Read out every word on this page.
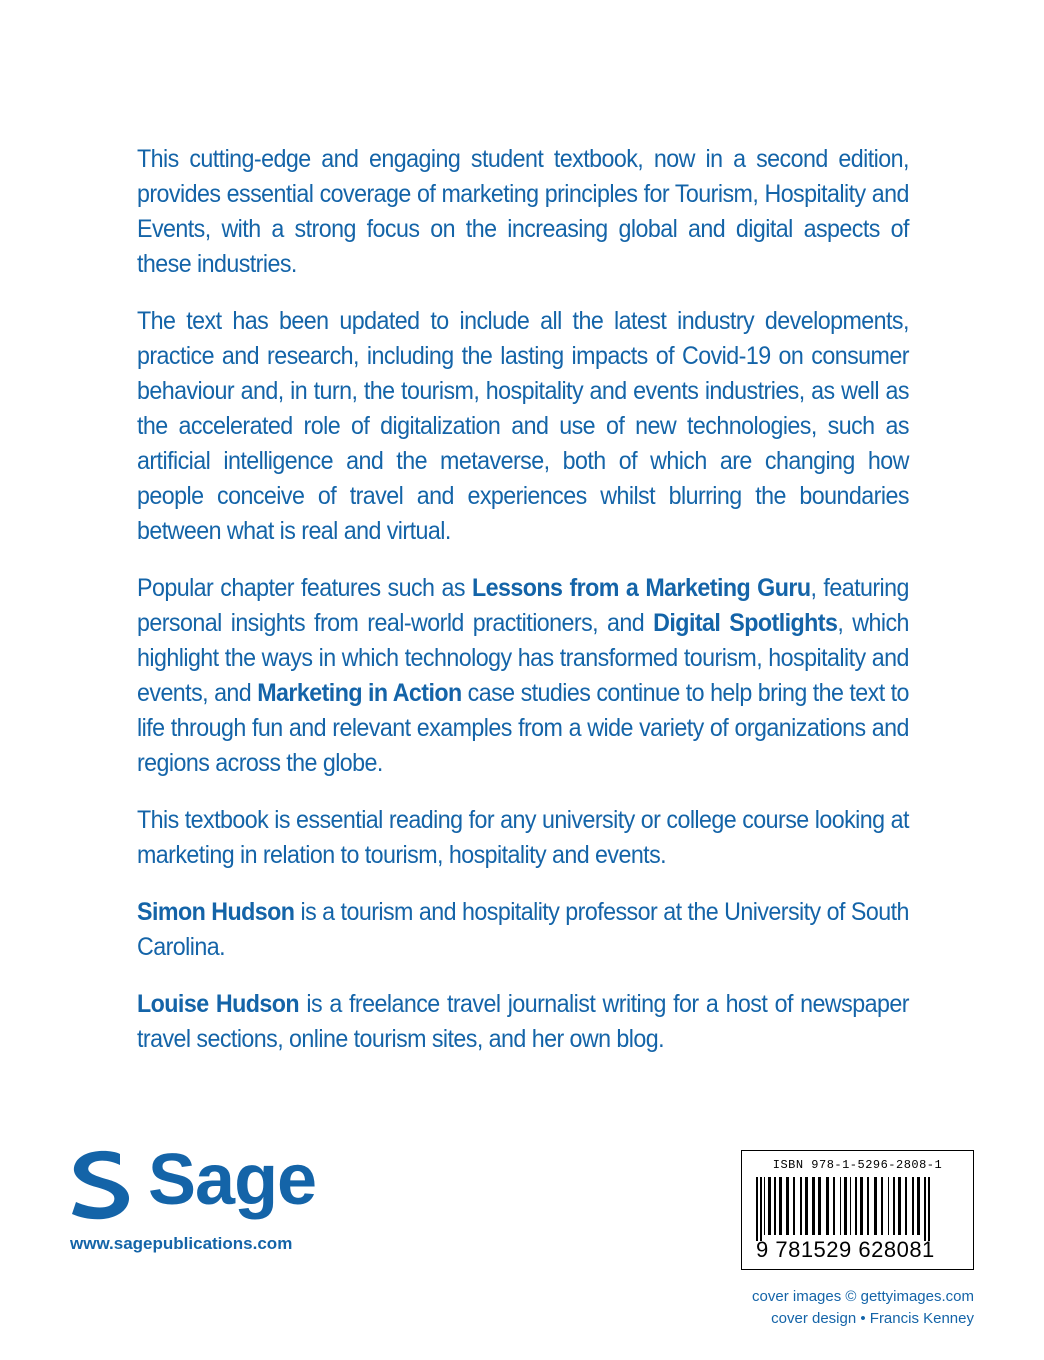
This cutting-edge and engaging student textbook, now in a second edition, provides essential coverage of marketing principles for Tourism, Hospitality and Events, with a strong focus on the increasing global and digital aspects of these industries.

The text has been updated to include all the latest industry developments, practice and research, including the lasting impacts of Covid-19 on consumer behaviour and, in turn, the tourism, hospitality and events industries, as well as the accelerated role of digitalization and use of new technologies, such as artificial intelligence and the metaverse, both of which are changing how people conceive of travel and experiences whilst blurring the boundaries between what is real and virtual.

Popular chapter features such as Lessons from a Marketing Guru, featuring personal insights from real-world practitioners, and Digital Spotlights, which highlight the ways in which technology has transformed tourism, hospitality and events, and Marketing in Action case studies continue to help bring the text to life through fun and relevant examples from a wide variety of organizations and regions across the globe.

This textbook is essential reading for any university or college course looking at marketing in relation to tourism, hospitality and events.

Simon Hudson is a tourism and hospitality professor at the University of South Carolina.

Louise Hudson is a freelance travel journalist writing for a host of newspaper travel sections, online tourism sites, and her own blog.

Sage
www.sagepublications.com
ISBN 978-1-5296-2808-1
9 781529 628081
cover images © gettyimages.com
cover design • Francis Kenney
